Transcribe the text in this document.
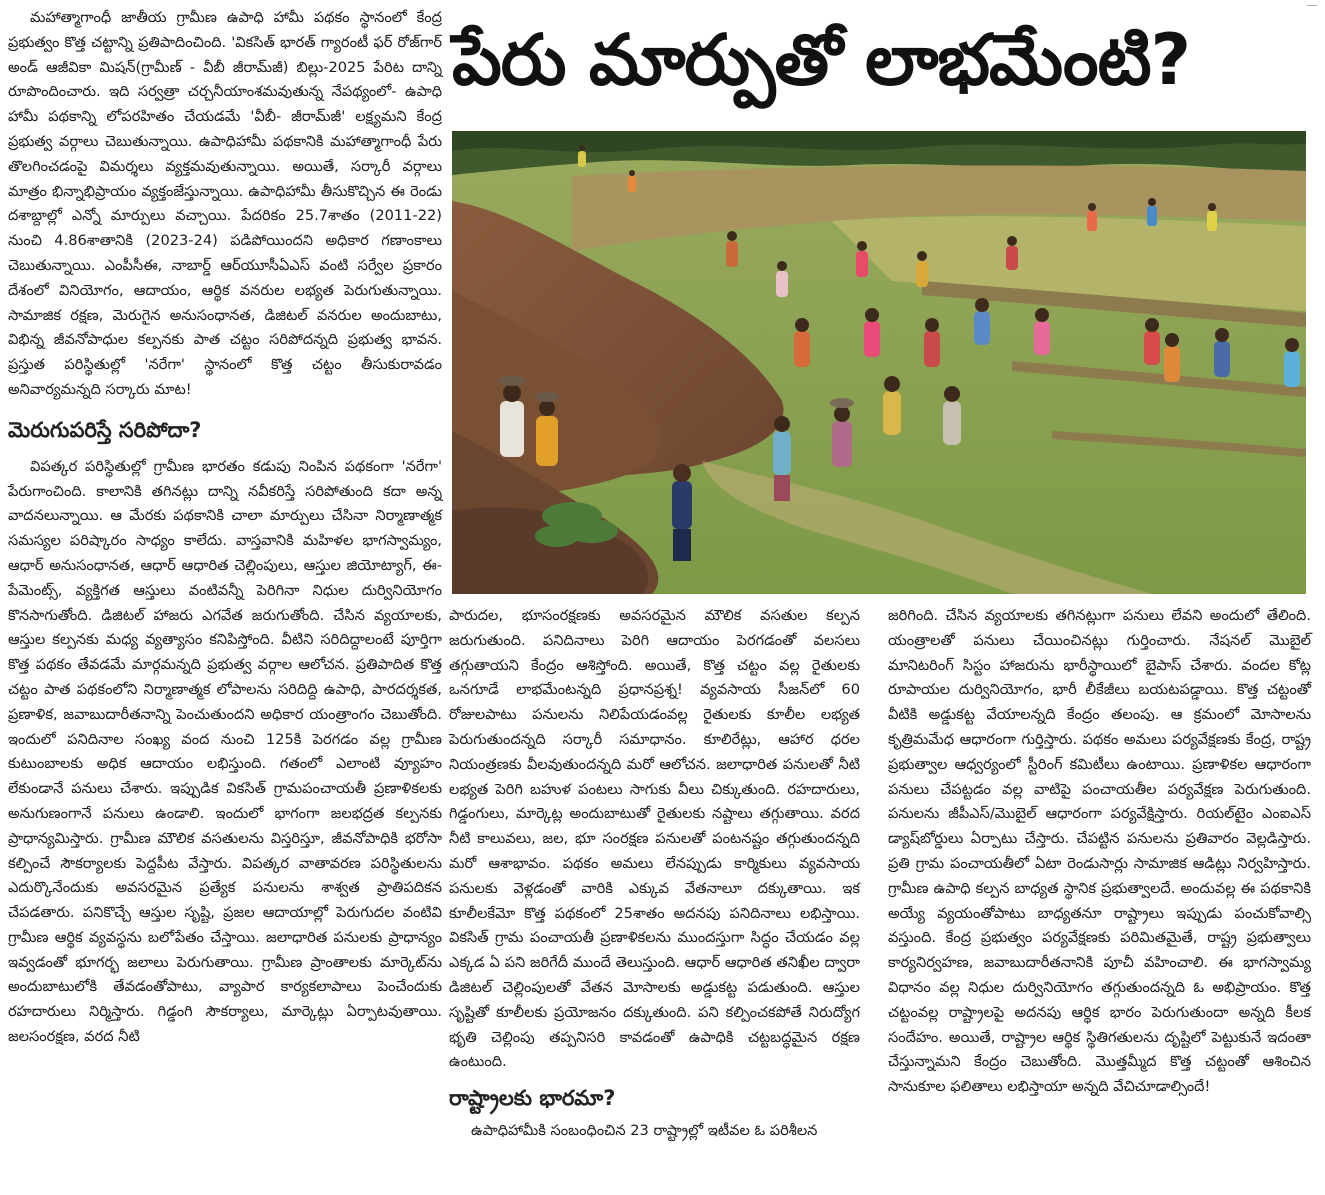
మహాత్మాగాంధీ జాతీయ గ్రామీణ ఉపాధి హామీ పథకం స్థానంలో కేంద్ర ప్రభుత్వం కొత్త చట్టాన్ని ప్రతిపాదించింది. 'వికసిత్ భారత్ గ్యారంటీ ఫర్ రోజ్‌గార్ అండ్ ఆజీవికా మిషన్(గ్రామీణ్ - వీబీ జీరామ్‌జీ) బిల్లు-2025 పేరిట దాన్ని రూపొందించారు. ఇది సర్వత్రా చర్చనీయాంశమవుతున్న నేపథ్యంలో- ఉపాధి హామీ పథకాన్ని లోపరహితం చేయడమే 'వీబీ- జీరామ్‌జీ' లక్ష్యమని కేంద్ర ప్రభుత్వ వర్గాలు చెబుతున్నాయి. ఉపాధిహామీ పథకానికి మహాత్మాగాంధీ పేరు తొలగించడంపై విమర్శలు వ్యక్తమవుతున్నాయి. అయితే, సర్కారీ వర్గాలు మాత్రం భిన్నాభిప్రాయం వ్యక్తంజేస్తున్నాయి. ఉపాధిహామీ తీసుకొచ్చిన ఈ రెండు దశాబ్దాల్లో ఎన్నో మార్పులు వచ్చాయి. పేదరికం 25.7శాతం (2011-22) నుంచి 4.86శాతానికి (2023-24) పడిపోయిందని అధికార గణాంకాలు చెబుతున్నాయి. ఎంపీసీఈ, నాబార్డ్ ఆర్‌యూసీఏఎస్ వంటి సర్వేల ప్రకారం దేశంలో వినియోగం, ఆదాయం, ఆర్థిక వనరుల లభ్యత పెరుగుతున్నాయి. సామాజిక రక్షణ, మెరుగైన అనుసంధానత, డిజిటల్ వనరుల అందుబాటు, విభిన్న జీవనోపాధుల కల్పనకు పాత చట్టం సరిపోదన్నది ప్రభుత్వ భావన. ప్రస్తుత పరిస్థితుల్లో 'నరేగా' స్థానంలో కొత్త చట్టం తీసుకురావడం అనివార్యమన్నది సర్కారు మాట!

మెరుగుపరిస్తే సరిపోదా?

విపత్కర పరిస్థితుల్లో గ్రామీణ భారతం కడుపు నింపిన పథకంగా 'నరేగా' పేరుగాంచింది. కాలానికి తగినట్లు దాన్ని నవీకరిస్తే సరిపోతుంది కదా అన్న వాదనలున్నాయి. ఆ మేరకు పథకానికి చాలా మార్పులు చేసినా నిర్మాణాత్మక సమస్యల పరిష్కారం సాధ్యం కాలేదు. వాస్తవానికి మహిళల భాగస్వామ్యం, ఆధార్ అనుసంధానత, ఆధార్ ఆధారిత చెల్లింపులు, ఆస్తుల జియోట్యాగ్, ఈ-పేమెంట్స్, వ్యక్తిగత ఆస్తులు వంటివన్నీ పెరిగినా నిధుల దుర్వినియోగం కొనసాగుతోంది. డిజిటల్ హాజరు ఎగవేత జరుగుతోంది. చేసిన వ్యయాలకు, ఆస్తుల కల్పనకు మధ్య వ్యత్యాసం కనిపిస్తోంది. వీటిని సరిదిద్దాలంటే పూర్తిగా కొత్త పథకం తేవడమే మార్గమన్నది ప్రభుత్వ వర్గాల ఆలోచన. ప్రతిపాదిత కొత్త చట్టం పాత పథకంలోని నిర్మాణాత్మక లోపాలను సరిదిద్ది ఉపాధి, పారదర్శకత, ప్రణాళిక, జవాబుదారీతనాన్ని పెంచుతుందని అధికార యంత్రాంగం చెబుతోంది. ఇందులో పనిదినాల సంఖ్య వంద నుంచి 125కి పెరగడం వల్ల గ్రామీణ కుటుంబాలకు అధిక ఆదాయం లభిస్తుంది. గతంలో ఎలాంటి వ్యూహం లేకుండానే పనులు చేశారు. ఇప్పుడిక వికసిత్ గ్రామపంచాయతీ ప్రణాళికలకు అనుగుణంగానే పనులు ఉండాలి. ఇందులో భాగంగా జలభద్రత కల్పనకు ప్రాధాన్యమిస్తారు. గ్రామీణ మౌలిక వసతులను విస్తరిస్తూ, జీవనోపాధికి భరోసా కల్పించే సౌకర్యాలకు పెద్దపీట వేస్తారు. విపత్కర వాతావరణ పరిస్థితులను ఎదుర్కొనేందుకు అవసరమైన ప్రత్యేక పనులను శాశ్వత ప్రాతిపదికన చేపడతారు. పనికొచ్చే ఆస్తుల సృష్టి, ప్రజల ఆదాయాల్లో పెరుగుదల వంటివి గ్రామీణ ఆర్థిక వ్యవస్థను బలోపేతం చేస్తాయి. జలాధారిత పనులకు ప్రాధాన్యం ఇవ్వడంతో భూగర్భ జలాలు పెరుగుతాయి. గ్రామీణ ప్రాంతాలకు మార్కెట్‌ను అందుబాటులోకి తేవడంతోపాటు, వ్యాపార కార్యకలాపాలు పెంచేందుకు రహదారులు నిర్మిస్తారు. గిడ్డంగి సౌకర్యాలు, మార్కెట్లు ఏర్పాటవుతాయి. జలసంరక్షణ, వరద నీటి

పేరు మార్పుతో లాభమేంటి?

పారుదల, భూసంరక్షణకు అవసరమైన మౌలిక వసతుల కల్పన జరుగుతుంది. పనిదినాలు పెరిగి ఆదాయం పెరగడంతో వలసలు తగ్గుతాయని కేంద్రం ఆశిస్తోంది. అయితే, కొత్త చట్టం వల్ల రైతులకు ఒనగూడే లాభమేంటన్నది ప్రధానప్రశ్న! వ్యవసాయ సీజన్‌లో 60 రోజులపాటు పనులను నిలిపేయడంవల్ల రైతులకు కూలీల లభ్యత పెరుగుతుందన్నది సర్కారీ సమాధానం. కూలిరేట్లు, ఆహార ధరల నియంత్రణకు వీలవుతుందన్నది మరో ఆలోచన. జలాధారిత పనులతో నీటి లభ్యత పెరిగి బహుళ పంటలు సాగుకు వీలు చిక్కుతుంది. రహదారులు, గిడ్డంగులు, మార్కెట్ల అందుబాటుతో రైతులకు నష్టాలు తగ్గుతాయి. వరద నీటి కాలువలు, జల, భూ సంరక్షణ పనులతో పంటనష్టం తగ్గుతుందన్నది మరో ఆశాభావం. పథకం అమలు లేనప్పుడు కార్మికులు వ్యవసాయ పనులకు వెళ్లడంతో వారికి ఎక్కువ వేతనాలూ దక్కుతాయి. ఇక కూలీలకేమో కొత్త పథకంలో 25శాతం అదనపు పనిదినాలు లభిస్తాయి. వికసిత్ గ్రామ పంచాయతీ ప్రణాళికలను ముందస్తుగా సిద్ధం చేయడం వల్ల ఎక్కడ ఏ పని జరిగేదీ ముందే తెలుస్తుంది. ఆధార్ ఆధారిత తనిఖీల ద్వారా డిజిటల్ చెల్లింపులతో వేతన మోసాలకు అడ్డుకట్ట పడుతుంది. ఆస్తుల సృష్టితో కూలీలకు ప్రయోజనం దక్కుతుంది. పని కల్పించకపోతే నిరుద్యోగ భృతి చెల్లింపు తప్పనిసరి కావడంతో ఉపాధికి చట్టబద్ధమైన రక్షణ ఉంటుంది.

రాష్ట్రాలకు భారమా?

ఉపాధిహామీకి సంబంధించిన 23 రాష్ట్రాల్లో ఇటీవల ఓ పరిశీలన

జరిగింది. చేసిన వ్యయాలకు తగినట్లుగా పనులు లేవని అందులో తేలింది. యంత్రాలతో పనులు చేయించినట్లు గుర్తించారు. నేషనల్ మొబైల్ మానిటరింగ్ సిస్టం హాజరును భారీస్థాయిలో బైపాస్ చేశారు. వందల కోట్ల రూపాయల దుర్వినియోగం, భారీ లీకేజీలు బయటపడ్డాయి. కొత్త చట్టంతో వీటికి అడ్డుకట్ట వేయాలన్నది కేంద్రం తలంపు. ఆ క్రమంలో మోసాలను కృత్రిమమేధ ఆధారంగా గుర్తిస్తారు. పథకం అమలు పర్యవేక్షణకు కేంద్ర, రాష్ట్ర ప్రభుత్వాల ఆధ్వర్యంలో స్టీరింగ్ కమిటీలు ఉంటాయి. ప్రణాళికల ఆధారంగా పనులు చేపట్టడం వల్ల వాటిపై పంచాయతీల పర్యవేక్షణ పెరుగుతుంది. పనులను జీపీఎస్/మొబైల్ ఆధారంగా పర్యవేక్షిస్తారు. రియల్‌టైం ఎంఐఎస్ డ్యాష్‌బోర్డులు ఏర్పాటు చేస్తారు. చేపట్టిన పనులను ప్రతివారం వెల్లడిస్తారు. ప్రతి గ్రామ పంచాయతీలో ఏటా రెండుసార్లు సామాజిక ఆడిట్లు నిర్వహిస్తారు. గ్రామీణ ఉపాధి కల్పన బాధ్యత స్థానిక ప్రభుత్వాలదే. అందువల్ల ఈ పథకానికి అయ్యే వ్యయంతోపాటు బాధ్యతనూ రాష్ట్రాలు ఇప్పుడు పంచుకోవాల్సి వస్తుంది. కేంద్ర ప్రభుత్వం పర్యవేక్షణకు పరిమితమైతే, రాష్ట్ర ప్రభుత్వాలు కార్యనిర్వహణ, జవాబుదారీతనానికి పూచీ వహించాలి. ఈ భాగస్వామ్య విధానం వల్ల నిధుల దుర్వినియోగం తగ్గుతుందన్నది ఓ అభిప్రాయం. కొత్త చట్టంవల్ల రాష్ట్రాలపై అదనపు ఆర్థిక భారం పెరుగుతుందా అన్నది కీలక సందేహం. అయితే, రాష్ట్రాల ఆర్థిక స్థితిగతులను దృష్టిలో పెట్టుకునే ఇదంతా చేస్తున్నామని కేంద్రం చెబుతోంది. మొత్తమ్మీద కొత్త చట్టంతో ఆశించిన సానుకూల ఫలితాలు లభిస్తాయా అన్నది వేచిచూడాల్సిందే!
